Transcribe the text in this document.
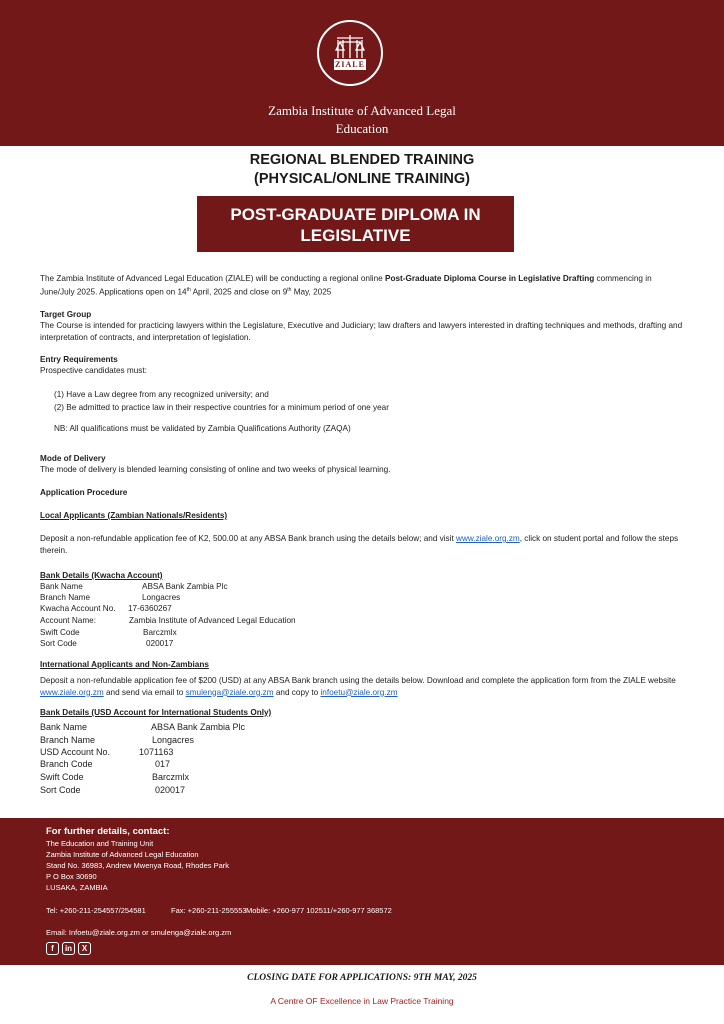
ZIALE
Zambia Institute of Advanced Legal Education
REGIONAL BLENDED TRAINING
(PHYSICAL/ONLINE TRAINING)
POST-GRADUATE DIPLOMA IN
LEGISLATIVE
The Zambia Institute of Advanced Legal Education (ZIALE) will be conducting a regional online Post-Graduate Diploma Course in Legislative Drafting commencing in June/July 2025. Applications open on 14th April, 2025 and close on 9th May, 2025
Target Group
The Course is intended for practicing lawyers within the Legislature, Executive and Judiciary; law drafters and lawyers interested in drafting techniques and methods, drafting and interpretation of contracts, and interpretation of legislation.
Entry Requirements
Prospective candidates must:
(1) Have a Law degree from any recognized university; and
(2) Be admitted to practice law in their respective countries for a minimum period of one year
NB: All qualifications must be validated by Zambia Qualifications Authority (ZAQA)
Mode of Delivery
The mode of delivery is blended learning consisting of online and two weeks of physical learning.
Application Procedure
Local Applicants (Zambian Nationals/Residents)
Deposit a non-refundable application fee of K2, 500.00 at any ABSA Bank branch using the details below; and visit www.ziale.org.zm, click on student portal and follow the steps therein.
Bank Details (Kwacha Account)
Bank Name	ABSA Bank Zambia Plc
Branch Name	Longacres
Kwacha Account No. 17-6360267
Account Name:	Zambia Institute of Advanced Legal Education
Swift Code	Barczmlx
Sort Code	020017
International Applicants and Non-Zambians
Deposit a non-refundable application fee of $200 (USD) at any ABSA Bank branch using the details below. Download and complete the application form from the ZIALE website www.ziale.org.zm and send via email to smulenga@ziale.org.zm and copy to infoetu@ziale.org.zm
Bank Details (USD Account for International Students Only)
Bank Name	ABSA Bank Zambia Plc
Branch Name	Longacres
USD Account No.	1071163
Branch Code	017
Swift Code	Barczmlx
Sort Code	020017
For further details, contact:
The Education and Training Unit
Zambia Institute of Advanced Legal Education
Stand No. 36983, Andrew Mwenya Road, Rhodes Park
P O Box 30690
LUSAKA, ZAMBIA
Tel: +260-211-254557/254581	Fax: +260-211-255553 Mobile: +260-977 102511/+260-977 368572
Email: Infoetu@ziale.org.zm or smulenga@ziale.org.zm
f	in	X
CLOSING DATE FOR APPLICATIONS: 9TH MAY, 2025
A Centre OF Excellence in Law Practice Training
